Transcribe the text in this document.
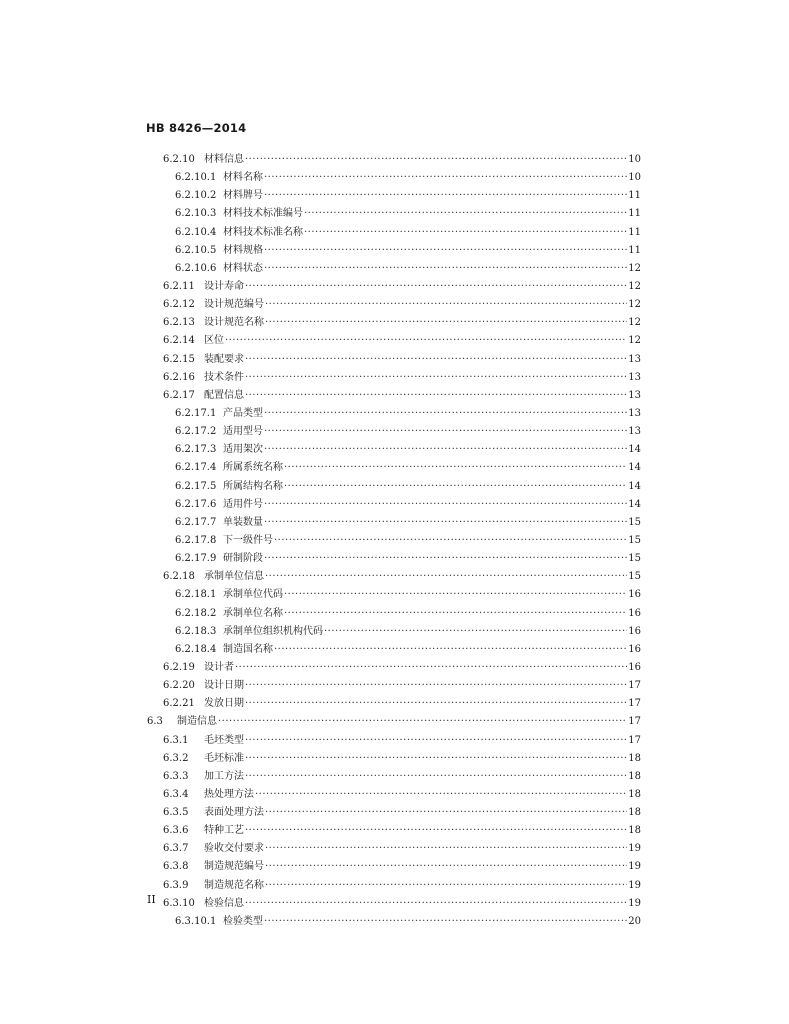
HB 8426—2014
6.2.10 材料信息 ·····	10
6.2.10.1 材料名称 ·····	10
6.2.10.2 材料牌号 ·····	11
6.2.10.3 材料技术标准编号 ·····	11
6.2.10.4 材料技术标准名称 ·····	11
6.2.10.5 材料规格 ·····	11
6.2.10.6 材料状态 ·····	12
6.2.11 设计寿命 ·····	12
6.2.12 设计规范编号 ·····	12
6.2.13 设计规范名称 ·····	12
6.2.14 区位 ·····	12
6.2.15 装配要求 ·····	13
6.2.16 技术条件 ·····	13
6.2.17 配置信息 ·····	13
6.2.17.1 产品类型 ·····	13
6.2.17.2 适用型号 ·····	13
6.2.17.3 适用架次 ·····	14
6.2.17.4 所属系统名称 ·····	14
6.2.17.5 所属结构名称 ·····	14
6.2.17.6 适用件号 ·····	14
6.2.17.7 单装数量 ·····	15
6.2.17.8 下一级件号 ·····	15
6.2.17.9 研制阶段 ·····	15
6.2.18 承制单位信息 ·····	15
6.2.18.1 承制单位代码 ·····	16
6.2.18.2 承制单位名称 ·····	16
6.2.18.3 承制单位组织机构代码 ·····	16
6.2.18.4 制造国名称 ·····	16
6.2.19 设计者 ·····	16
6.2.20 设计日期 ·····	17
6.2.21 发放日期 ·····	17
6.3	制造信息 ·····	17
6.3.1	毛坯类型 ·····	17
6.3.2	毛坯标准 ·····	18
6.3.3	加工方法 ·····	18
6.3.4	热处理方法 ·····	18
6.3.5	表面处理方法 ·····	18
6.3.6	特种工艺 ·····	18
6.3.7	验收交付要求 ·····	19
6.3.8	制造规范编号 ·····	19
6.3.9	制造规范名称 ·····	19
6.3.10 检验信息 ·····	19
6.3.10.1 检验类型 ·····	20
II
